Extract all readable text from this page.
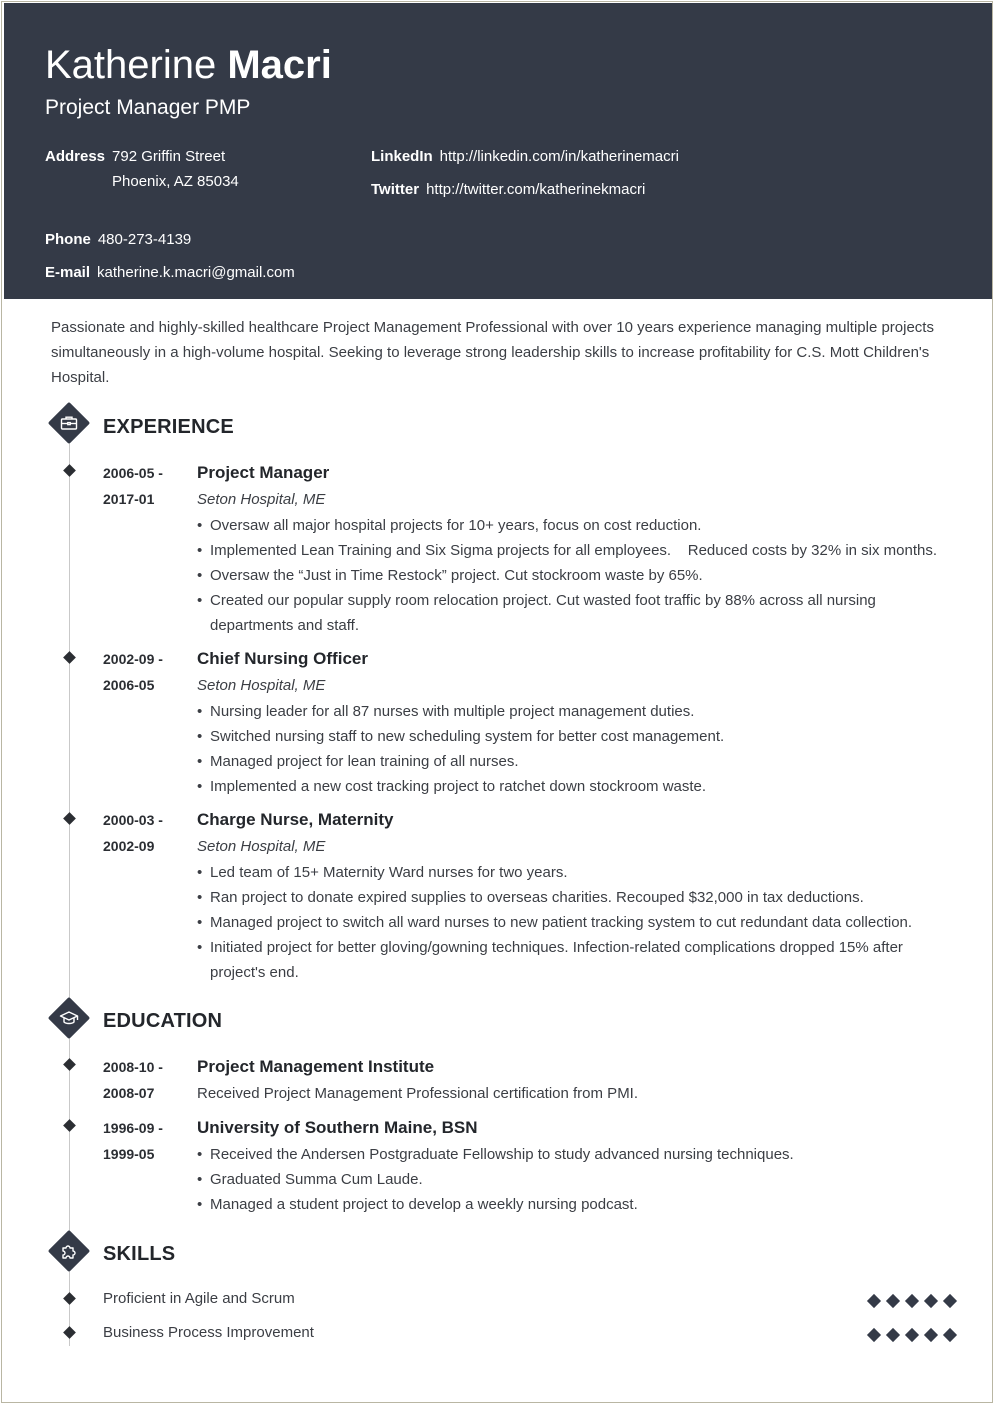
Katherine Macri
Project Manager PMP
Address 792 Griffin Street
Phoenix, AZ 85034
LinkedIn http://linkedin.com/in/katherinemacri
Twitter http://twitter.com/katherinekmacri
Phone 480-273-4139
E-mail katherine.k.macri@gmail.com
Passionate and highly-skilled healthcare Project Management Professional with over 10 years experience managing multiple projects simultaneously in a high-volume hospital. Seeking to leverage strong leadership skills to increase profitability for C.S. Mott Children's Hospital.
EXPERIENCE
2006-05 -
2017-01
Project Manager
Seton Hospital, ME
• Oversaw all major hospital projects for 10+ years, focus on cost reduction.
• Implemented Lean Training and Six Sigma projects for all employees.    Reduced costs by 32% in six months.
• Oversaw the “Just in Time Restock” project. Cut stockroom waste by 65%.
• Created our popular supply room relocation project. Cut wasted foot traffic by 88% across all nursing departments and staff.
2002-09 -
2006-05
Chief Nursing Officer
Seton Hospital, ME
• Nursing leader for all 87 nurses with multiple project management duties.
• Switched nursing staff to new scheduling system for better cost management.
• Managed project for lean training of all nurses.
• Implemented a new cost tracking project to ratchet down stockroom waste.
2000-03 -
2002-09
Charge Nurse, Maternity
Seton Hospital, ME
• Led team of 15+ Maternity Ward nurses for two years.
• Ran project to donate expired supplies to overseas charities. Recouped $32,000 in tax deductions.
• Managed project to switch all ward nurses to new patient tracking system to cut redundant data collection.
• Initiated project for better gloving/gowning techniques. Infection-related complications dropped 15% after project's end.
EDUCATION
2008-10 -
2008-07
Project Management Institute
Received Project Management Professional certification from PMI.
1996-09 -
1999-05
University of Southern Maine, BSN
• Received the Andersen Postgraduate Fellowship to study advanced nursing techniques.
• Graduated Summa Cum Laude.
• Managed a student project to develop a weekly nursing podcast.
SKILLS
Proficient in Agile and Scrum
Business Process Improvement
